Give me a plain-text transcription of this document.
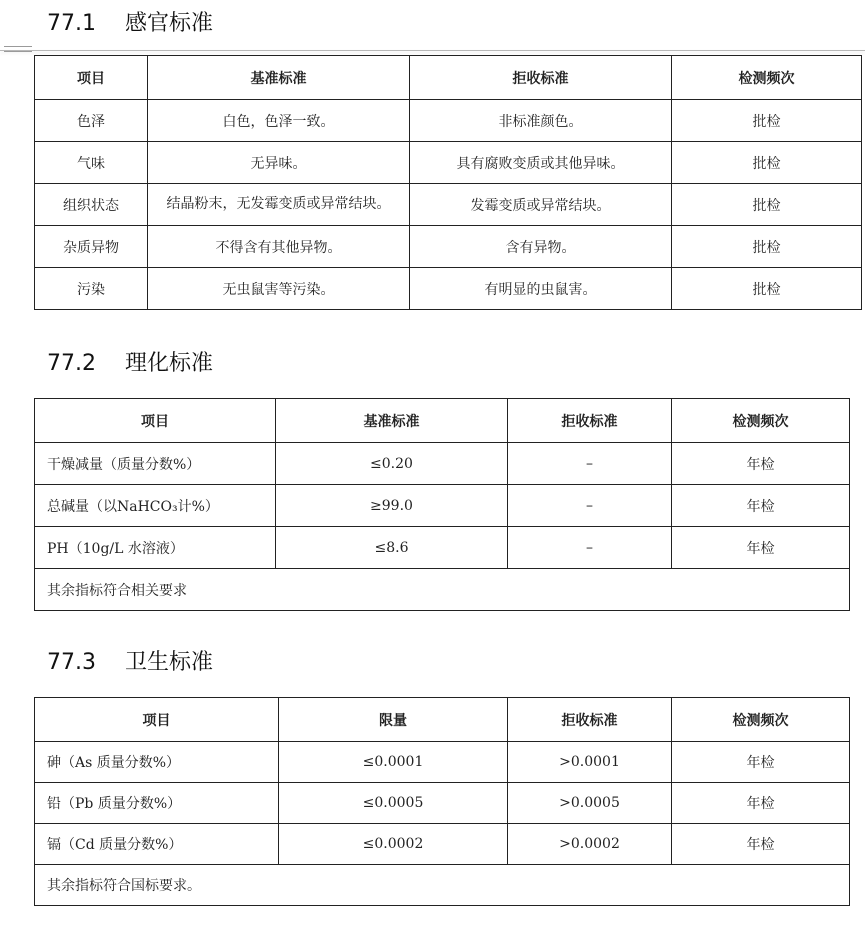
77.1 感官标准
项目	基准标准	拒收标准	检测频次
色泽	白色，色泽一致。	非标准颜色。	批检
气味	无异味。	具有腐败变质或其他异味。	批检
组织状态	结晶粉末，无发霉变质或异常结块。	发霉变质或异常结块。	批检
杂质异物	不得含有其他异物。	含有异物。	批检
污染	无虫鼠害等污染。	有明显的虫鼠害。	批检
77.2 理化标准
项目	基准标准	拒收标准	检测频次
干燥减量（质量分数%）	≤0.20	–	年检
总碱量（以NaHCO₃计%）	≥99.0	–	年检
PH（10g/L 水溶液）	≤8.6	–	年检
其余指标符合相关要求			
77.3 卫生标准
项目	限量	拒收标准	检测频次
砷（As 质量分数%）	≤0.0001	>0.0001	年检
铅（Pb 质量分数%）	≤0.0005	>0.0005	年检
镉（Cd 质量分数%）	≤0.0002	>0.0002	年检
其余指标符合国标要求。			
